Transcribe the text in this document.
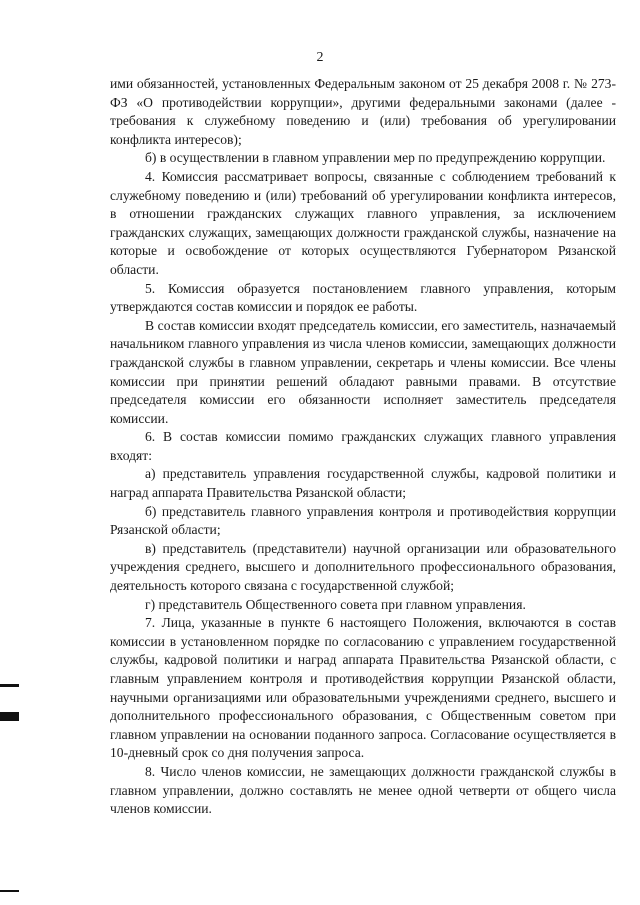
2

ими обязанностей, установленных Федеральным законом от 25 декабря 2008 г. № 273-ФЗ «О противодействии коррупции», другими федеральными законами (далее - требования к служебному поведению и (или) требования об урегулировании конфликта интересов);

б) в осуществлении в главном управлении мер по предупреждению коррупции.

4. Комиссия рассматривает вопросы, связанные с соблюдением требований к служебному поведению и (или) требований об урегулировании конфликта интересов, в отношении гражданских служащих главного управления, за исключением гражданских служащих, замещающих должности гражданской службы, назначение на которые и освобождение от которых осуществляются Губернатором Рязанской области.

5. Комиссия образуется постановлением главного управления, которым утверждаются состав комиссии и порядок ее работы.

В состав комиссии входят председатель комиссии, его заместитель, назначаемый начальником главного управления из числа членов комиссии, замещающих должности гражданской службы в главном управлении, секретарь и члены комиссии. Все члены комиссии при принятии решений обладают равными правами. В отсутствие председателя комиссии его обязанности исполняет заместитель председателя комиссии.

6. В состав комиссии помимо гражданских служащих главного управления входят:

а) представитель управления государственной службы, кадровой политики и наград аппарата Правительства Рязанской области;

б) представитель главного управления контроля и противодействия коррупции Рязанской области;

в) представитель (представители) научной организации или образовательного учреждения среднего, высшего и дополнительного профессионального образования, деятельность которого связана с государственной службой;

г) представитель Общественного совета при главном управления.

7. Лица, указанные в пункте 6 настоящего Положения, включаются в состав комиссии в установленном порядке по согласованию с управлением государственной службы, кадровой политики и наград аппарата Правительства Рязанской области, с главным управлением контроля и противодействия коррупции Рязанской области, научными организациями или образовательными учреждениями среднего, высшего и дополнительного профессионального образования, с Общественным советом при главном управлении на основании поданного запроса. Согласование осуществляется в 10-дневный срок со дня получения запроса.

8. Число членов комиссии, не замещающих должности гражданской службы в главном управлении, должно составлять не менее одной четверти от общего числа членов комиссии.
